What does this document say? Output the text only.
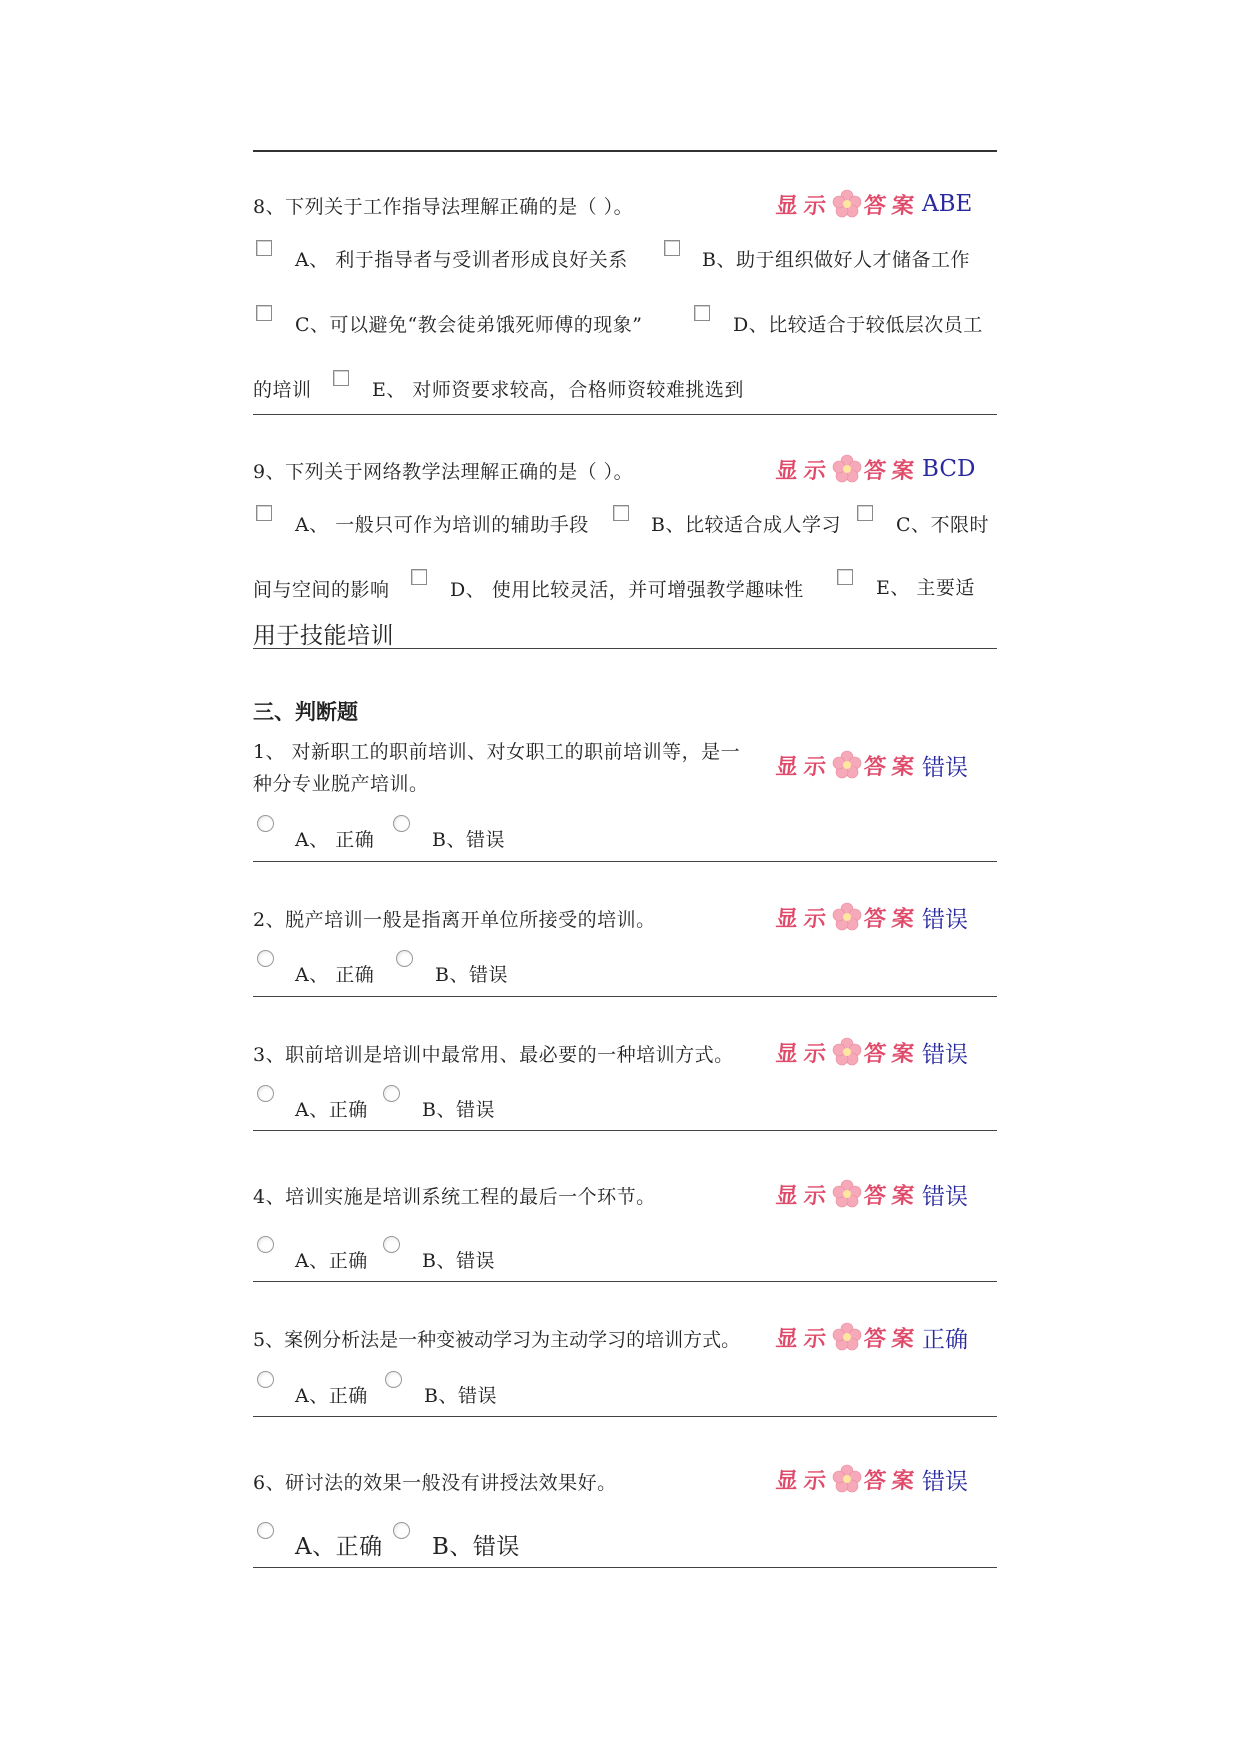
8、下列关于工作指导法理解正确的是（ ）。	显示 答案 ABE
A、 利于指导者与受训者形成良好关系	B、助于组织做好人才储备工作
C、可以避免“教会徒弟饿死师傅的现象”	D、比较适合于较低层次员工
的培训	E、 对师资要求较高，合格师资较难挑选到
9、下列关于网络教学法理解正确的是（ ）。	显示 答案 BCD
A、 一般只可作为培训的辅助手段	B、比较适合成人学习	C、不限时
间与空间的影响	D、 使用比较灵活，并可增强教学趣味性	E、 主要适
用于技能培训
三、判断题
1、 对新职工的职前培训、对女职工的职前培训等，是一
种分专业脱产培训。
显示 答案 错误
A、 正确	B、错误
2、脱产培训一般是指离开单位所接受的培训。	显示 答案 错误
A、 正确	B、错误
3、职前培训是培训中最常用、最必要的一种培训方式。 显示 答案 错误
A、正确	B、错误
4、培训实施是培训系统工程的最后一个环节。	显示 答案 错误
A、正确	B、错误
5、案例分析法是一种变被动学习为主动学习的培训方式。 显示 答案 正确
A、正确	B、错误
6、研讨法的效果一般没有讲授法效果好。	显示 答案 错误
A、正确 B、错误
